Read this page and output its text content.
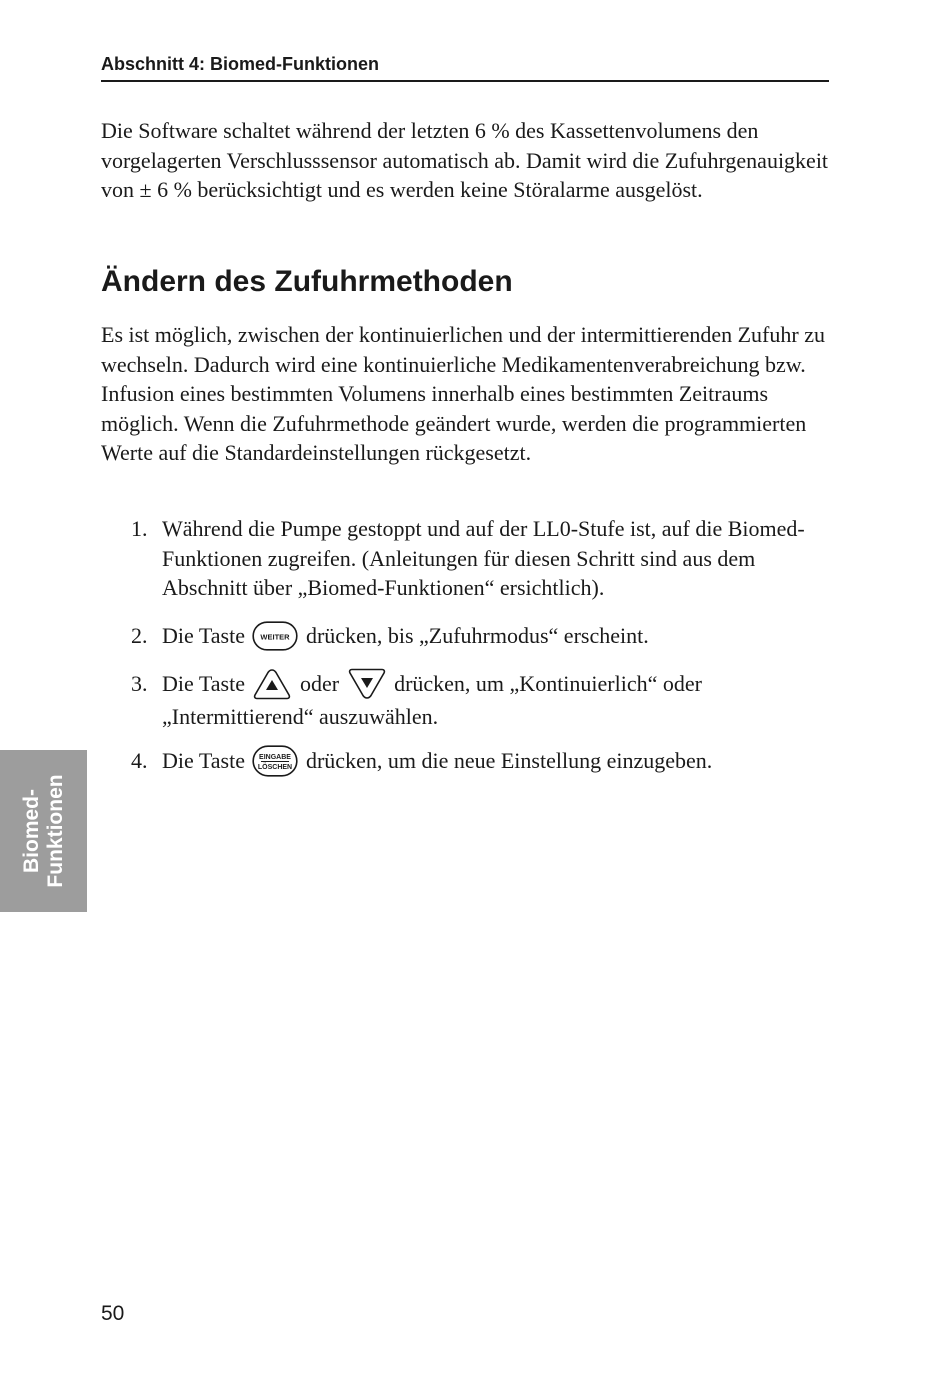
Abschnitt 4: Biomed-Funktionen

Die Software schaltet während der letzten 6 % des Kassettenvolumens den vorgelagerten Verschlusssensor automatisch ab. Damit wird die Zufuhrgenauigkeit von ± 6 % berücksichtigt und es werden keine Störalarme ausgelöst.

Ändern des Zufuhrmethoden

Es ist möglich, zwischen der kontinuierlichen und der intermittierenden Zufuhr zu wechseln. Dadurch wird eine kontinuierliche Medikamentenverabreichung bzw. Infusion eines bestimmten Volumens innerhalb eines bestimmten Zeitraums möglich. Wenn die Zufuhrmethode geändert wurde, werden die programmierten Werte auf die Standardeinstellungen rückgesetzt.

1. Während die Pumpe gestoppt und auf der LL0-Stufe ist, auf die Biomed-Funktionen zugreifen. (Anleitungen für diesen Schritt sind aus dem Abschnitt über „Biomed-Funktionen“ ersichtlich).
2. Die Taste WEITER drücken, bis „Zufuhrmodus“ erscheint.
3. Die Taste	oder	drücken, um „Kontinuierlich“ oder „Intermittierend“ auszuwählen.
4. Die Taste EINGABE
LÖSCHEN drücken, um die neue Einstellung einzugeben.
Biomed- Funktionen
50
